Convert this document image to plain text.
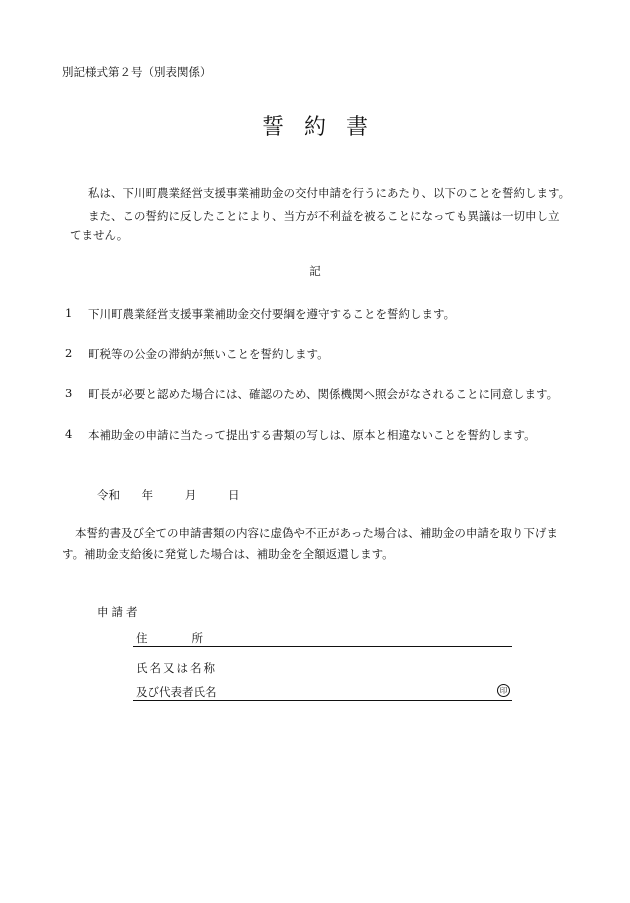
別記様式第２号（別表関係）
誓約書
私は、下川町農業経営支援事業補助金の交付申請を行うにあたり、以下のことを誓約します。
また、この誓約に反したことにより、当方が不利益を被ることになっても異議は一切申し立
てません。
記
1 下川町農業経営支援事業補助金交付要綱を遵守することを誓約します。
2 町税等の公金の滞納が無いことを誓約します。
3 町長が必要と認めた場合には、確認のため、関係機関へ照会がなされることに同意します。
4 本補助金の申請に当たって提出する書類の写しは、原本と相違ないことを誓約します。
令和 年	月	日
本誓約書及び全ての申請書類の内容に虚偽や不正があった場合は、補助金の申請を取り下げま
す。補助金支給後に発覚した場合は、補助金を全額返還します。
申請者
住所
氏名又は名称
及び代表者氏名	印
